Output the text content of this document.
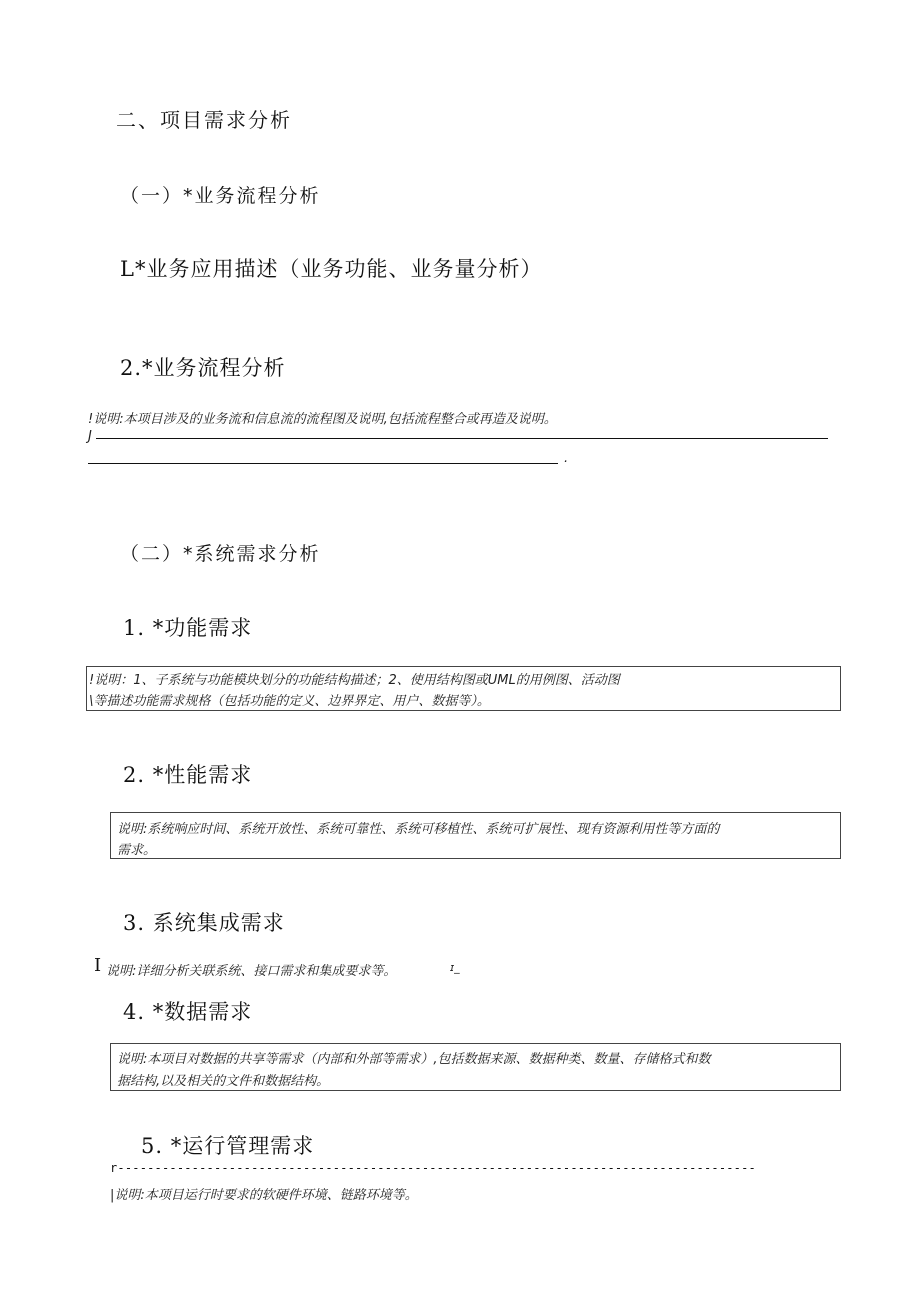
二、项目需求分析
（一）*业务流程分析
L*业务应用描述（业务功能、业务量分析）
2.*业务流程分析
!说明:本项目涉及的业务流和信息流的流程图及说明,包括流程整合或再造及说明。
J
.
（二）*系统需求分析
1. *功能需求
!说明：1、子系统与功能模块划分的功能结构描述；2、使用结构图或UML的用例图、活动图
\等描述功能需求规格（包括功能的定义、边界界定、用户、数据等）。
2. *性能需求
说明:系统响应时间、系统开放性、系统可靠性、系统可移植性、系统可扩展性、现有资源利用性等方面的
需求。
3. 系统集成需求
I 说明:详细分析关联系统、接口需求和集成要求等。	ɪ_
4. *数据需求
说明:本项目对数据的共享等需求（内部和外部等需求）,包括数据来源、数据种类、数量、存储格式和数
据结构,以及相关的文件和数据结构。
5. *运行管理需求
r--------------------------------------------------------------------------------------
|说明:本项目运行时要求的软硬件环境、链路环境等。
